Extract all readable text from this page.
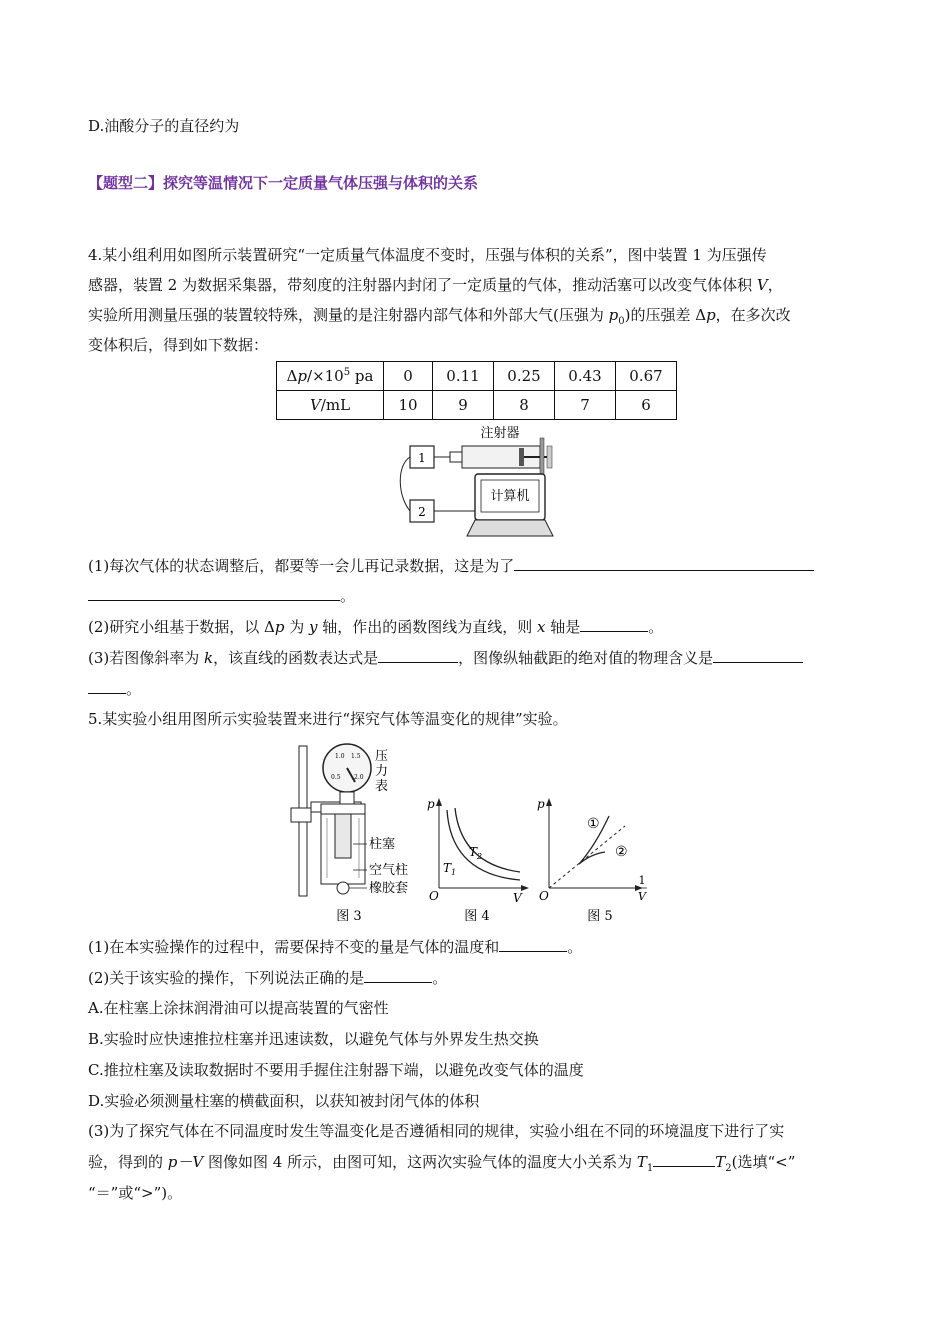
D.油酸分子的直径约为
【题型二】探究等温情况下一定质量气体压强与体积的关系
4.某小组利用如图所示装置研究“一定质量气体温度不变时，压强与体积的关系”，图中装置 1 为压强传
感器，装置 2 为数据采集器，带刻度的注射器内封闭了一定质量的气体，推动活塞可以改变气体体积 V，
实验所用测量压强的装置较特殊，测量的是注射器内部气体和外部大气(压强为 $p_0$)的压强差 Δp，在多次改
变体积后，得到如下数据：
$\Delta p/\times 10^5$ pa	0	0.11	0.25	0.43	0.67
V/mL	10	9	8	7	6
1
2
注射器
计算机
(1)每次气体的状态调整后，都要等一会儿再记录数据，这是为了
。
(2)研究小组基于数据，以 Δp 为 y 轴，作出的函数图线为直线，则 x 轴是	。
(3)若图像斜率为 k，该直线的函数表达式是	，图像纵轴截距的绝对值的物理含义是
。
5.某实验小组用图所示实验装置来进行“探究气体等温变化的规律”实验。
0.5
1.0 1.5
2.0
压
力
表
柱塞
空气柱
橡胶套
图 3
p
O	V
$T_1$
$T_2$
图 4
p
O
1
V
①
②
图 5
(1)在本实验操作的过程中，需要保持不变的量是气体的温度和	。
(2)关于该实验的操作，下列说法正确的是	。
A.在柱塞上涂抹润滑油可以提高装置的气密性
B.实验时应快速推拉柱塞并迅速读数，以避免气体与外界发生热交换
C.推拉柱塞及读取数据时不要用手握住注射器下端，以避免改变气体的温度
D.实验必须测量柱塞的横截面积，以获知被封闭气体的体积
(3)为了探究气体在不同温度时发生等温变化是否遵循相同的规律，实验小组在不同的环境温度下进行了实
验，得到的 p－V 图像如图 4 所示，由图可知，这两次实验气体的温度大小关系为 $T_1$	$T_2$(选填“<”
“＝”或“>”)。
